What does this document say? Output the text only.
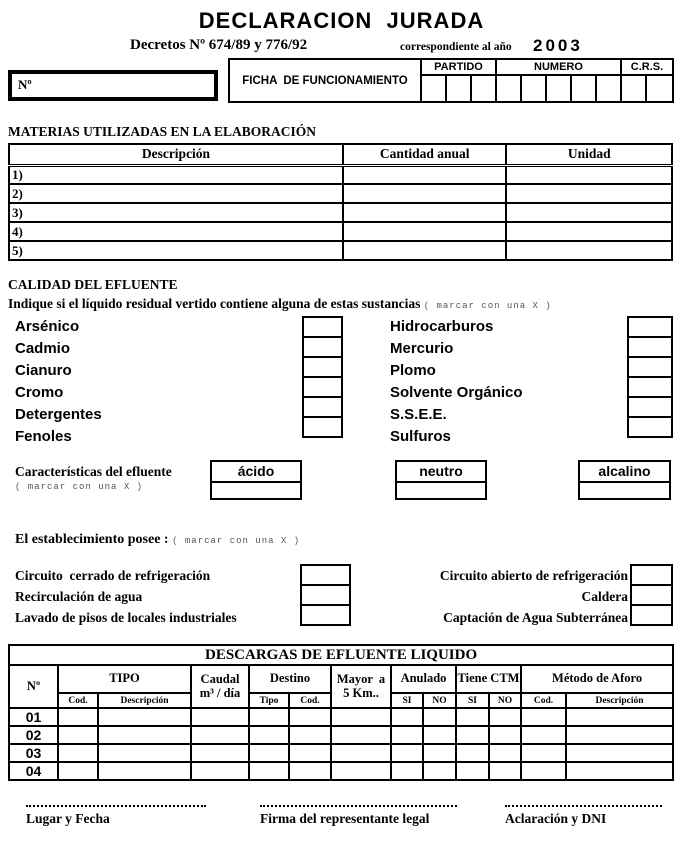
DECLARACION  JURADA
Decretos Nº 674/89 y 776/92	correspondiente al año 2003
Nº	FICHA  DE FUNCIONAMIENTO
PARTIDO	NUMERO	C.R.S.
MATERIAS UTILIZADAS EN LA ELABORACIÓN
Descripción	Cantidad anual	Unidad
1)		
2)		
3)		
4)		
5)		
CALIDAD DEL EFLUENTE
Indique si el líquido residual vertido contiene alguna de estas sustancias ( marcar con una X )
Arsénico
Cadmio
Cianuro
Cromo
Detergentes
Fenoles
Hidrocarburos
Mercurio
Plomo
Solvente Orgánico
S.S.E.E.
Sulfuros
Características del efluente
( marcar con una X )
ácido	neutro	alcalino
El establecimiento posee : ( marcar con una X )
Circuito  cerrado de refrigeración
Recirculación de agua
Lavado de pisos de locales industriales
Circuito abierto de refrigeración
Caldera
Captación de Agua Subterránea
DESCARGAS DE EFLUENTE LIQUIDO												
Nº	TIPO	Caudal
m³ / día
	Destino	Mayor  a
5 Km..
	Anulado	Tiene CTM	Método de Aforo
	Cod.	Descripción		Tipo	Cod.		SI	NO	SI	NO	Cod.	Descripción
01												
02												
03												
04												
Lugar y Fecha	Firma del representante legal	Aclaración y DNI
